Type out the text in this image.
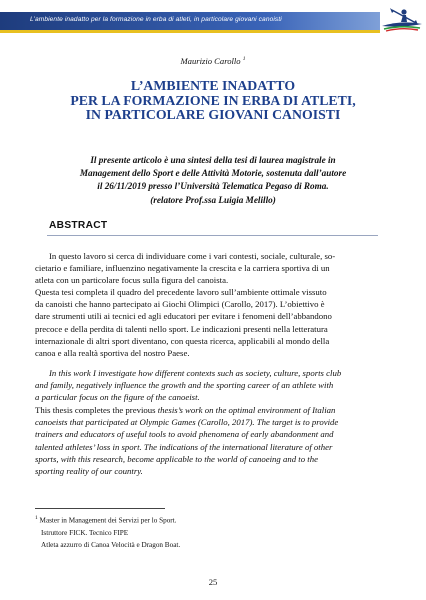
L’ambiente inadatto per la formazione in erba di atleti, in particolare giovani canoisti
Maurizio Carollo $^1$
L’AMBIENTE INADATTO
PER LA FORMAZIONE IN ERBA DI ATLETI,
IN PARTICOLARE GIOVANI CANOISTI
Il presente articolo è una sintesi della tesi di laurea magistrale in
Management dello Sport e delle Attività Motorie, sostenuta dall’autore
il 26/11/2019 presso l’Università Telematica Pegaso di Roma.
(relatore Prof.ssa Luigia Melillo)
ABSTRACT
In questo lavoro si cerca di individuare come i vari contesti, sociale, culturale, so-
cietario e familiare, influenzino negativamente la crescita e la carriera sportiva di un
atleta con un particolare focus sulla figura del canoista.
Questa tesi completa il quadro del precedente lavoro sull’ambiente ottimale vissuto
da canoisti che hanno partecipato ai Giochi Olimpici (Carollo, 2017). L’obiettivo è
dare strumenti utili ai tecnici ed agli educatori per evitare i fenomeni dell’abbandono
precoce e della perdita di talenti nello sport. Le indicazioni presenti nella letteratura
internazionale di altri sport diventano, con questa ricerca, applicabili al mondo della
canoa e alla realtà sportiva del nostro Paese.
In this work I investigate how different contexts such as society, culture, sports club
and family, negatively influence the growth and the sporting career of an athlete with
a particular focus on the figure of the canoeist.
This thesis completes the previous thesis’s work on the optimal environment of Italian
canoeists that participated at Olympic Games (Carollo, 2017). The target is to provide
trainers and educators of useful tools to avoid phenomena of early abandonment and
talented athletes’ loss in sport. The indications of the international literature of other
sports, with this research, become applicable to the world of canoeing and to the
sporting reality of our country.
$^1$ Master in Management dei Servizi per lo Sport.
Istruttore FICK. Tecnico FIPE
Atleta azzurro di Canoa Velocità e Dragon Boat.
25
